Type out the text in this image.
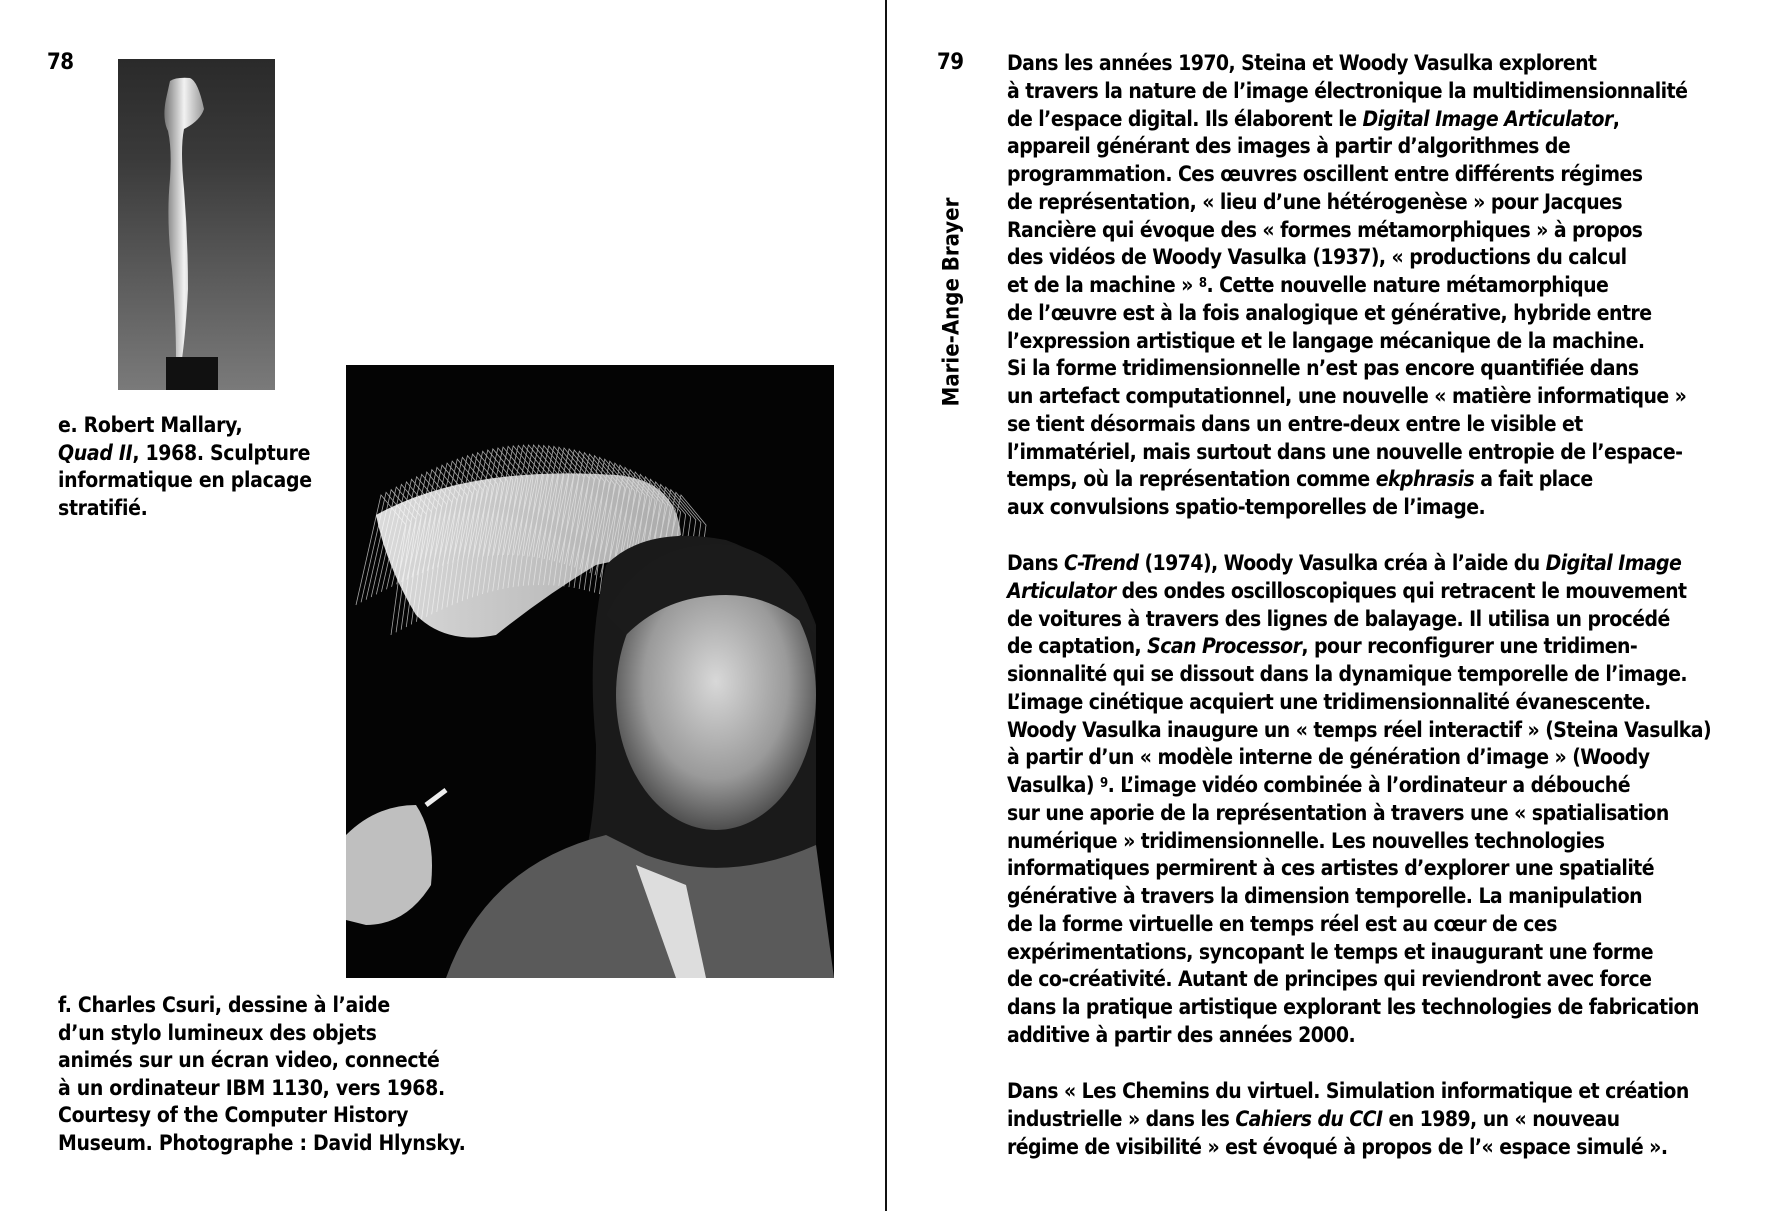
78
e. Robert Mallary,
Quad II, 1968. Sculpture
informatique en placage
stratifié.
f. Charles Csuri, dessine à l’aide
d’un stylo lumineux des objets
animés sur un écran video, connecté
à un ordinateur IBM 1130, vers 1968.
Courtesy of the Computer History
Museum. Photographe : David Hlynsky.
79
Marie-Ange Brayer
Dans les années 1970, Steina et Woody Vasulka explorent
à travers la nature de l’image électronique la multidimensionnalité
de l’espace digital. Ils élaborent le Digital Image Articulator,
appareil générant des images à partir d’algorithmes de
programmation. Ces œuvres oscillent entre différents régimes
de représentation, « lieu d’une hétérogenèse » pour Jacques
Rancière qui évoque des « formes métamorphiques » à propos
des vidéos de Woody Vasulka (1937), « productions du calcul
et de la machine » $^8$. Cette nouvelle nature métamorphique
de l’œuvre est à la fois analogique et générative, hybride entre
l’expression artistique et le langage mécanique de la machine.
Si la forme tridimensionnelle n’est pas encore quantifiée dans
un artefact computationnel, une nouvelle « matière informatique »
se tient désormais dans un entre-deux entre le visible et
l’immatériel, mais surtout dans une nouvelle entropie de l’espace-
temps, où la représentation comme ekphrasis a fait place
aux convulsions spatio-temporelles de l’image.
Dans C-Trend (1974), Woody Vasulka créa à l’aide du Digital Image
Articulator des ondes oscilloscopiques qui retracent le mouvement
de voitures à travers des lignes de balayage. Il utilisa un procédé
de captation, Scan Processor, pour reconfigurer une tridimen-
sionnalité qui se dissout dans la dynamique temporelle de l’image.
L’image cinétique acquiert une tridimensionnalité évanescente.
Woody Vasulka inaugure un « temps réel interactif » (Steina Vasulka)
à partir d’un « modèle interne de génération d’image » (Woody
Vasulka) $^9$. L’image vidéo combinée à l’ordinateur a débouché
sur une aporie de la représentation à travers une « spatialisation
numérique » tridimensionnelle. Les nouvelles technologies
informatiques permirent à ces artistes d’explorer une spatialité
générative à travers la dimension temporelle. La manipulation
de la forme virtuelle en temps réel est au cœur de ces
expérimentations, syncopant le temps et inaugurant une forme
de co-créativité. Autant de principes qui reviendront avec force
dans la pratique artistique explorant les technologies de fabrication
additive à partir des années 2000.
Dans « Les Chemins du virtuel. Simulation informatique et création
industrielle » dans les Cahiers du CCI en 1989, un « nouveau
régime de visibilité » est évoqué à propos de l’« espace simulé ».
